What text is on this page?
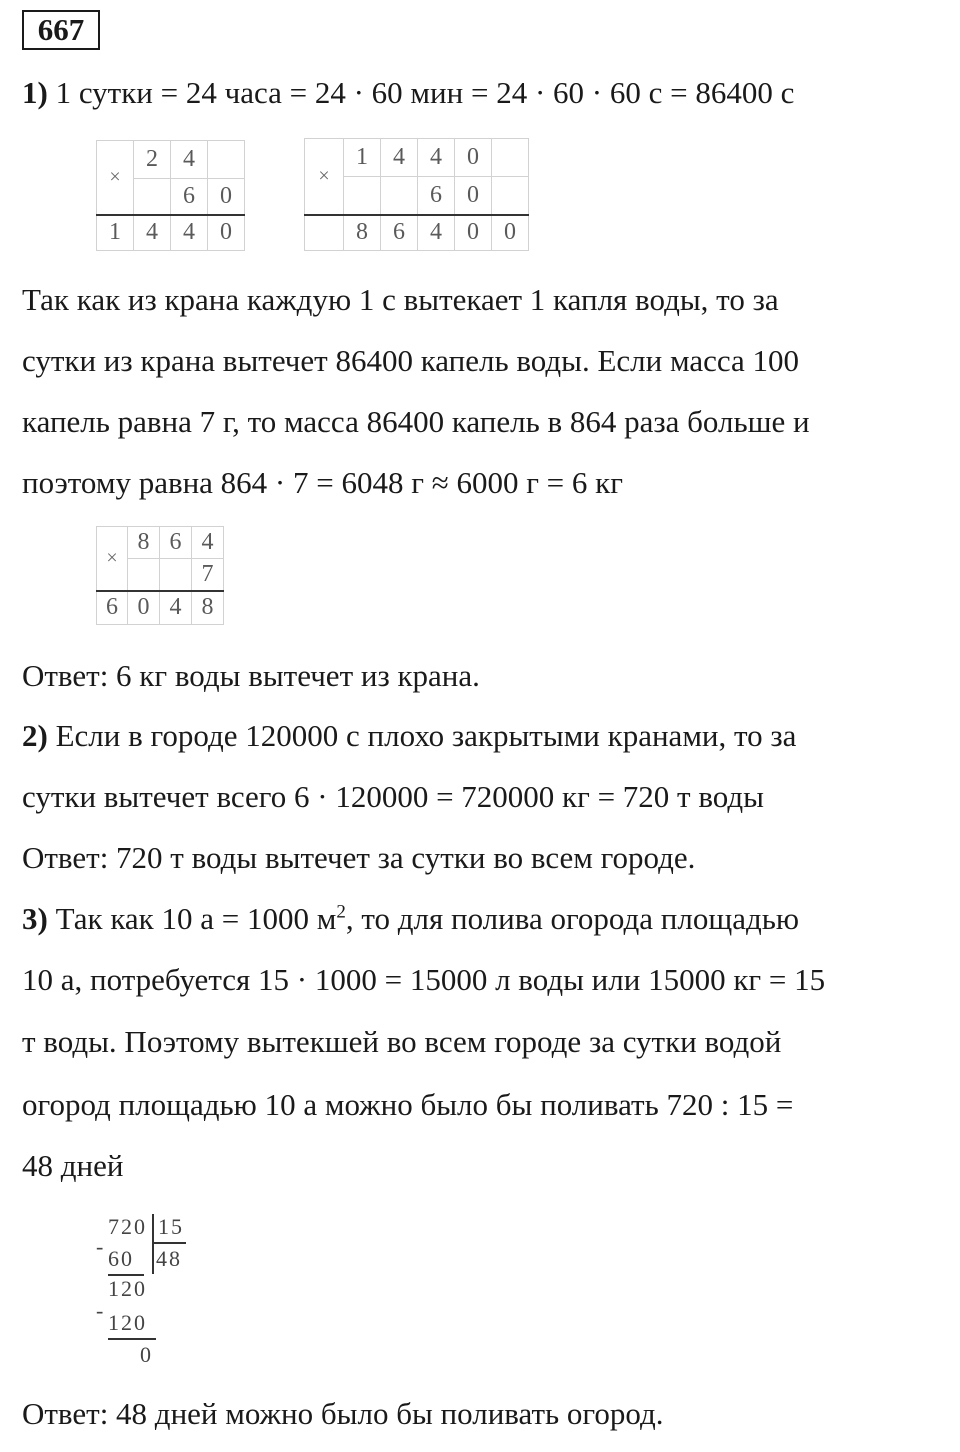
667
1) 1 сутки = 24 часа = 24 · 60 мин = 24 · 60 · 60 с = 86400 с
×	2	4	
		6	0
1	4	4	0
×	1	4	4	0	
			6	0	
	8	6	4	0	0
Так как из крана каждую 1 с вытекает 1 капля воды, то за
сутки из крана вытечет 86400 капель воды. Если масса 100
капель равна 7 г, то масса 86400 капель в 864 раза больше и
поэтому равна 864 · 7 = 6048 г ≈ 6000 г = 6 кг
×	8	6	4
			7
6	0	4	8
Ответ: 6 кг воды вытечет из крана.
2) Если в городе 120000 с плохо закрытыми кранами, то за
сутки вытечет всего 6 · 120000 = 720000 кг = 720 т воды
Ответ: 720 т воды вытечет за сутки во всем городе.
3) Так как 10 а = 1000 $м^2$, то для полива огорода площадью
10 а, потребуется 15 · 1000 = 15000 л воды или 15000 кг = 15
т воды. Поэтому вытекшей во всем городе за сутки водой
огород площадью 10 а можно было бы поливать 720 : 15 =
48 дней
720 15
- 60 48
120
- 120
0
Ответ: 48 дней можно было бы поливать огород.
